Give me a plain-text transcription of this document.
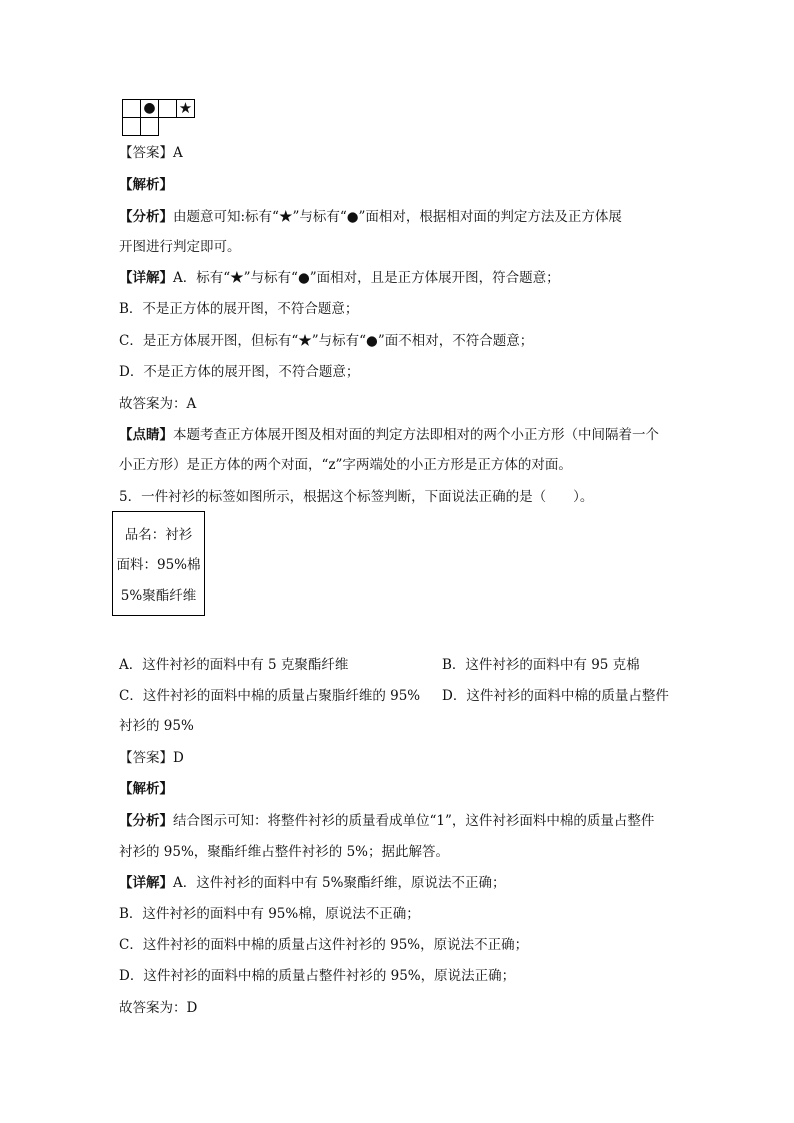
● ★
【答案】A
【解析】
【分析】由题意可知:标有“★”与标有“●”面相对，根据相对面的判定方法及正方体展
开图进行判定即可。
【详解】A．标有“★”与标有“●”面相对，且是正方体展开图，符合题意；
B．不是正方体的展开图，不符合题意；
C．是正方体展开图，但标有“★”与标有“●”面不相对，不符合题意；
D．不是正方体的展开图，不符合题意；
故答案为：A
【点睛】本题考查正方体展开图及相对面的判定方法即相对的两个小正方形（中间隔着一个
小正方形）是正方体的两个对面，“z”字两端处的小正方形是正方体的对面。
5．一件衬衫的标签如图所示，根据这个标签判断，下面说法正确的是（　　）。
品名：衬衫
面料：95%棉
5%聚酯纤维
A．这件衬衫的面料中有 5 克聚酯纤维	B．这件衬衫的面料中有 95 克棉
C．这件衬衫的面料中棉的质量占聚脂纤维的 95% D．这件衬衫的面料中棉的质量占整件
衬衫的 95%
【答案】D
【解析】
【分析】结合图示可知：将整件衬衫的质量看成单位“1”，这件衬衫面料中棉的质量占整件
衬衫的 95%，聚酯纤维占整件衬衫的 5%；据此解答。
【详解】A．这件衬衫的面料中有 5%聚酯纤维，原说法不正确；
B．这件衬衫的面料中有 95%棉，原说法不正确；
C．这件衬衫的面料中棉的质量占这件衬衫的 95%，原说法不正确；
D．这件衬衫的面料中棉的质量占整件衬衫的 95%，原说法正确；
故答案为：D
